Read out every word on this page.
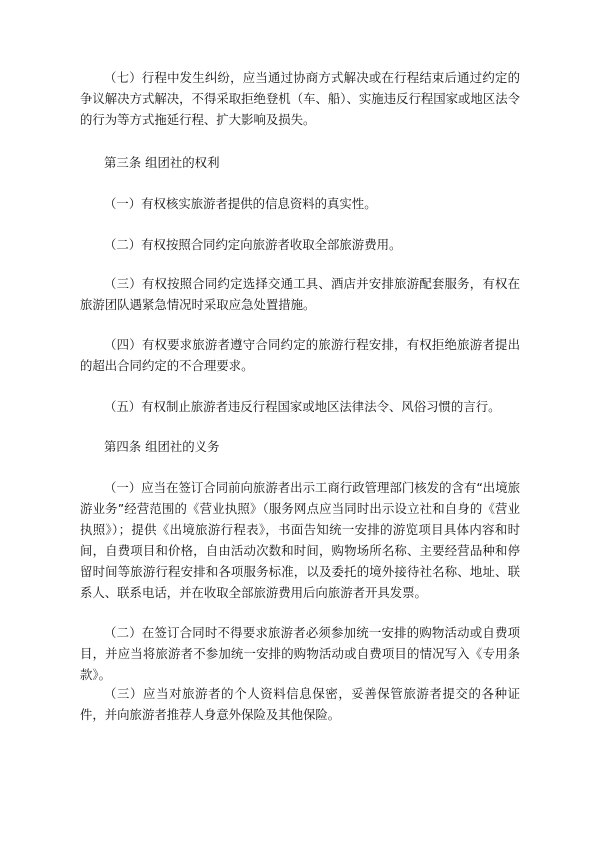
（七）行程中发生纠纷，应当通过协商方式解决或在行程结束后通过约定的争议解决方式解决，不得采取拒绝登机（车、船）、实施违反行程国家或地区法令的行为等方式拖延行程、扩大影响及损失。

第三条 组团社的权利

（一）有权核实旅游者提供的信息资料的真实性。

（二）有权按照合同约定向旅游者收取全部旅游费用。

（三）有权按照合同约定选择交通工具、酒店并安排旅游配套服务，有权在旅游团队遇紧急情况时采取应急处置措施。

（四）有权要求旅游者遵守合同约定的旅游行程安排，有权拒绝旅游者提出的超出合同约定的不合理要求。

（五）有权制止旅游者违反行程国家或地区法律法令、风俗习惯的言行。

第四条 组团社的义务

（一）应当在签订合同前向旅游者出示工商行政管理部门核发的含有“出境旅游业务”经营范围的《营业执照》（服务网点应当同时出示设立社和自身的《营业执照》）；提供《出境旅游行程表》，书面告知统一安排的游览项目具体内容和时间，自费项目和价格，自由活动次数和时间，购物场所名称、主要经营品种和停留时间等旅游行程安排和各项服务标准，以及委托的境外接待社名称、地址、联系人、联系电话，并在收取全部旅游费用后向旅游者开具发票。

（二）在签订合同时不得要求旅游者必须参加统一安排的购物活动或自费项目，并应当将旅游者不参加统一安排的购物活动或自费项目的情况写入《专用条款》。

（三）应当对旅游者的个人资料信息保密，妥善保管旅游者提交的各种证件，并向旅游者推荐人身意外保险及其他保险。
